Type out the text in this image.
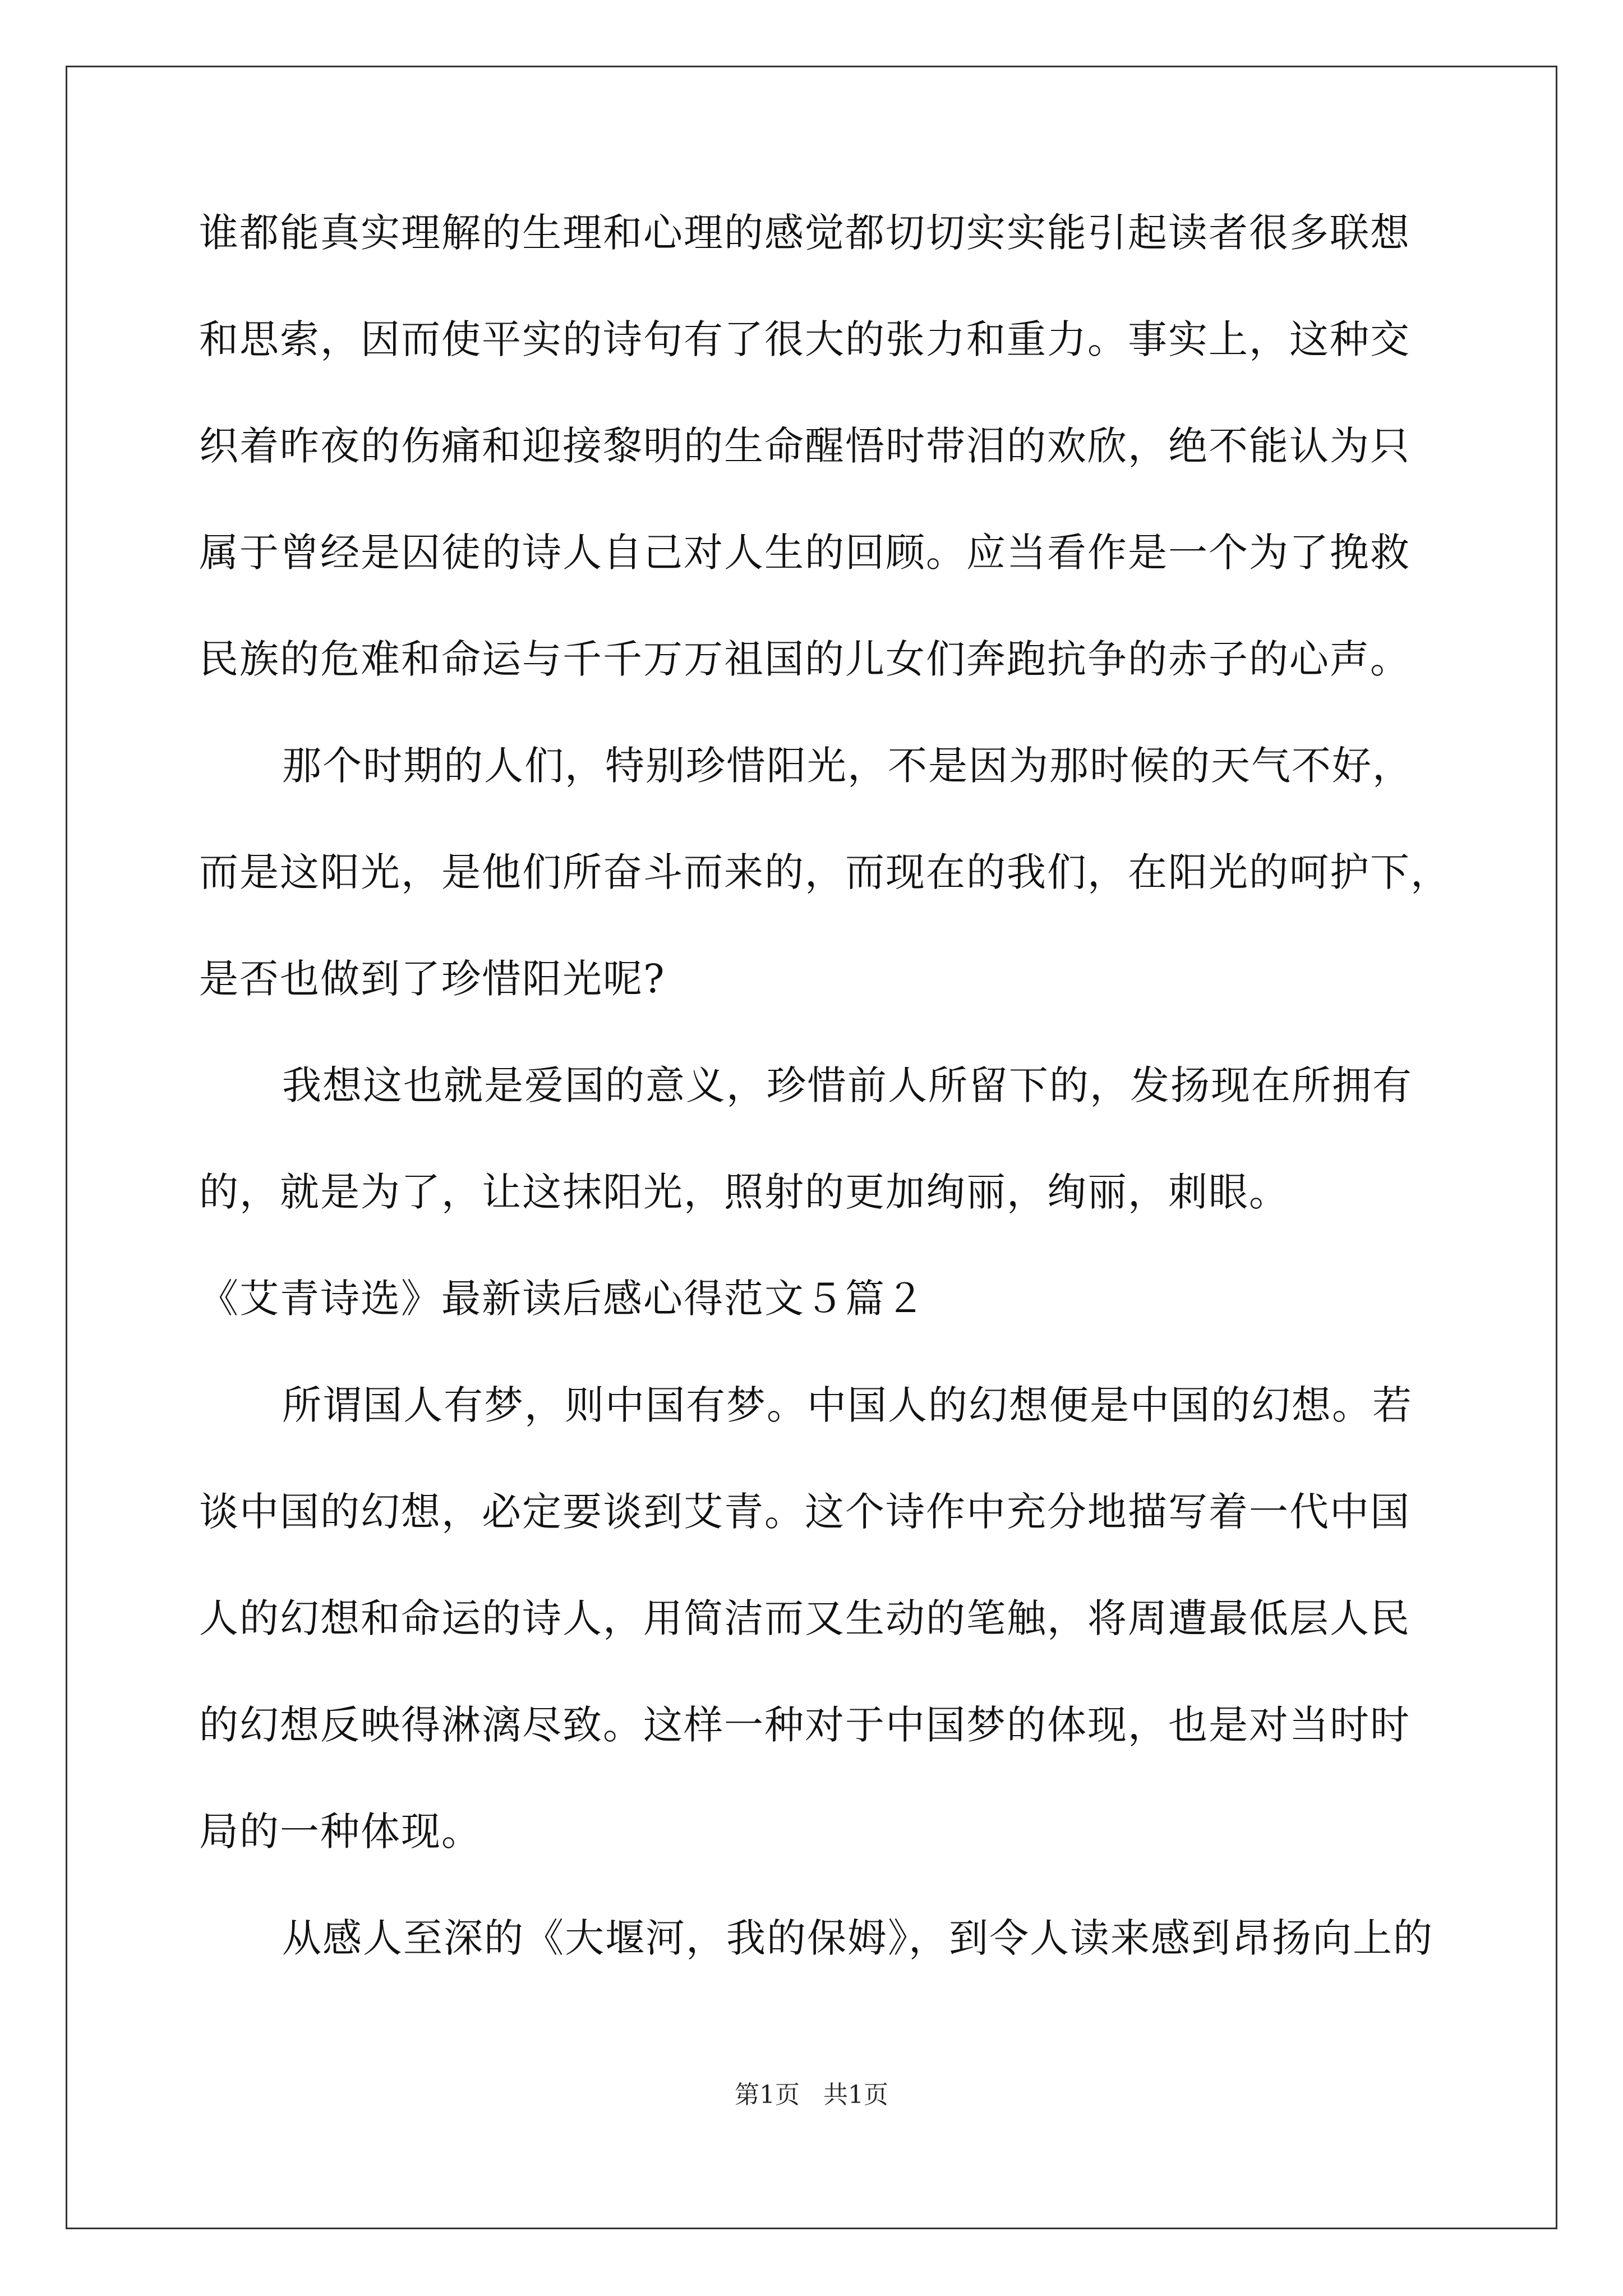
谁都能真实理解的生理和心理的感觉都切切实实能引起读者很多联想
和思索，因而使平实的诗句有了很大的张力和重力。事实上，这种交
织着昨夜的伤痛和迎接黎明的生命醒悟时带泪的欢欣，绝不能认为只
属于曾经是囚徒的诗人自己对人生的回顾。应当看作是一个为了挽救
民族的危难和命运与千千万万祖国的儿女们奔跑抗争的赤子的心声。
那个时期的人们，特别珍惜阳光，不是因为那时候的天气不好，
而是这阳光，是他们所奋斗而来的，而现在的我们，在阳光的呵护下，
是否也做到了珍惜阳光呢?
我想这也就是爱国的意义，珍惜前人所留下的，发扬现在所拥有
的，就是为了，让这抹阳光，照射的更加绚丽，绚丽，刺眼。
《艾青诗选》最新读后感心得范文５篇２
所谓国人有梦，则中国有梦。中国人的幻想便是中国的幻想。若
谈中国的幻想，必定要谈到艾青。这个诗作中充分地描写着一代中国
人的幻想和命运的诗人，用简洁而又生动的笔触，将周遭最低层人民
的幻想反映得淋漓尽致。这样一种对于中国梦的体现，也是对当时时
局的一种体现。
从感人至深的《大堰河，我的保姆》，到令人读来感到昂扬向上的
第1页 共1页
